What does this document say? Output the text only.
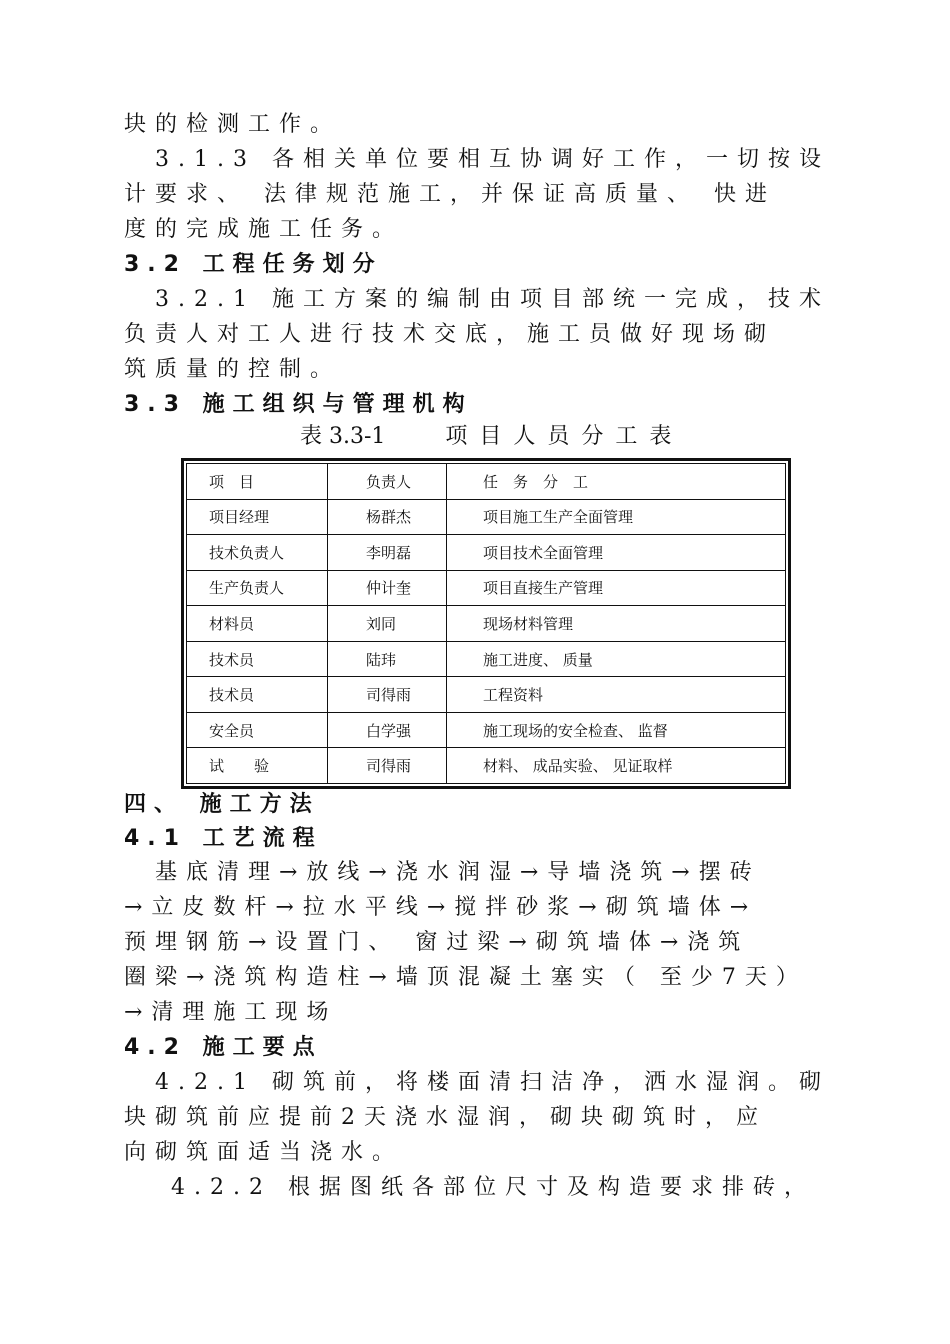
块的检测工作。
　3.1.3 各相关单位要相互协调好工作，一切按设
计要求、 法律规范施工，并保证高质量、 快进
度的完成施工任务。
3.2 工程任务划分
　3.2.1 施工方案的编制由项目部统一完成，技术
负责人对工人进行技术交底，施工员做好现场砌
筑质量的控制。
3.3 施工组织与管理机构
表 3.3-1	项目人员分工表
项　目	负责人	任　务　分　工
项目经理	杨群杰	项目施工生产全面管理
技术负责人	李明磊	项目技术全面管理
生产负责人	仲计奎	项目直接生产管理
材料员	刘同	现场材料管理
技术员	陆玮	施工进度、 质量
技术员	司得雨	工程资料
安全员	白学强	施工现场的安全检查、 监督
试　　验	司得雨	材料、 成品实验、 见证取样
四、 施工方法
4.1 工艺流程
　基底清理→放线→浇水润湿→导墙浇筑→摆砖
→立皮数杆→拉水平线→搅拌砂浆→砌筑墙体→
预埋钢筋→设置门、 窗过梁→砌筑墙体→浇筑
圈梁→浇筑构造柱→墙顶混凝土塞实（ 至少7天）
→清理施工现场
4.2 施工要点
　4.2.1 砌筑前，将楼面清扫洁净，洒水湿润。砌
块砌筑前应提前2天浇水湿润，砌块砌筑时，应
向砌筑面适当浇水。
　 4.2.2 根据图纸各部位尺寸及构造要求排砖，
